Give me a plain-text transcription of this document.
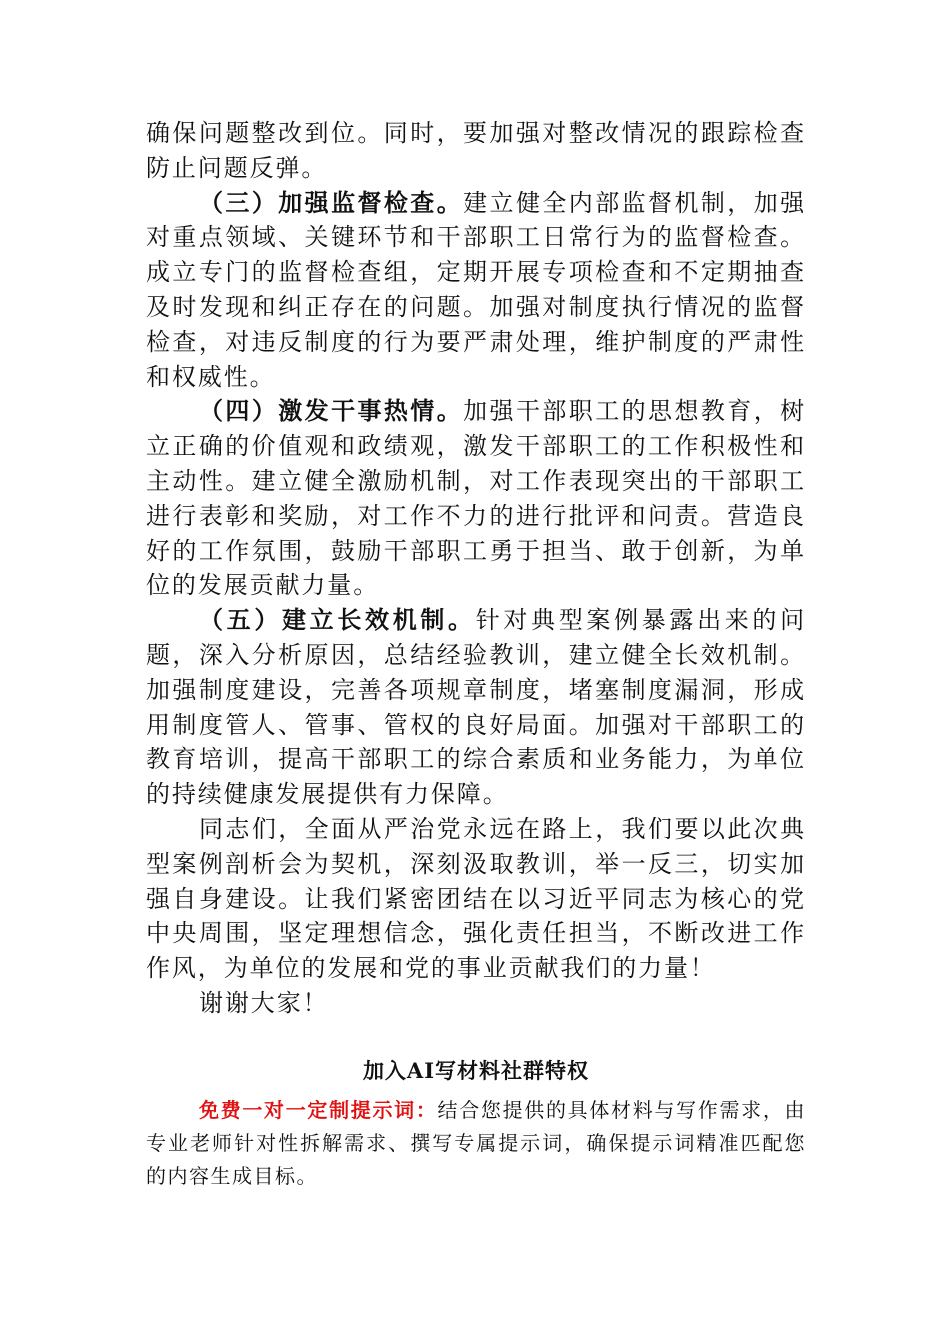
确保问题整改到位。同时，要加强对整改情况的跟踪检查防止问题反弹。

（三）加强监督检查。建立健全内部监督机制，加强对重点领域、关键环节和干部职工日常行为的监督检查。成立专门的监督检查组，定期开展专项检查和不定期抽查及时发现和纠正存在的问题。加强对制度执行情况的监督检查，对违反制度的行为要严肃处理，维护制度的严肃性和权威性。

（四）激发干事热情。加强干部职工的思想教育，树立正确的价值观和政绩观，激发干部职工的工作积极性和主动性。建立健全激励机制，对工作表现突出的干部职工进行表彰和奖励，对工作不力的进行批评和问责。营造良好的工作氛围，鼓励干部职工勇于担当、敢于创新，为单位的发展贡献力量。

（五）建立长效机制。针对典型案例暴露出来的问题，深入分析原因，总结经验教训，建立健全长效机制。加强制度建设，完善各项规章制度，堵塞制度漏洞，形成用制度管人、管事、管权的良好局面。加强对干部职工的教育培训，提高干部职工的综合素质和业务能力，为单位的持续健康发展提供有力保障。

同志们，全面从严治党永远在路上，我们要以此次典型案例剖析会为契机，深刻汲取教训，举一反三，切实加强自身建设。让我们紧密团结在以习近平同志为核心的党中央周围，坚定理想信念，强化责任担当，不断改进工作作风，为单位的发展和党的事业贡献我们的力量！

谢谢大家！

加入AI写材料社群特权

免费一对一定制提示词：结合您提供的具体材料与写作需求，由专业老师针对性拆解需求、撰写专属提示词，确保提示词精准匹配您的内容生成目标。
